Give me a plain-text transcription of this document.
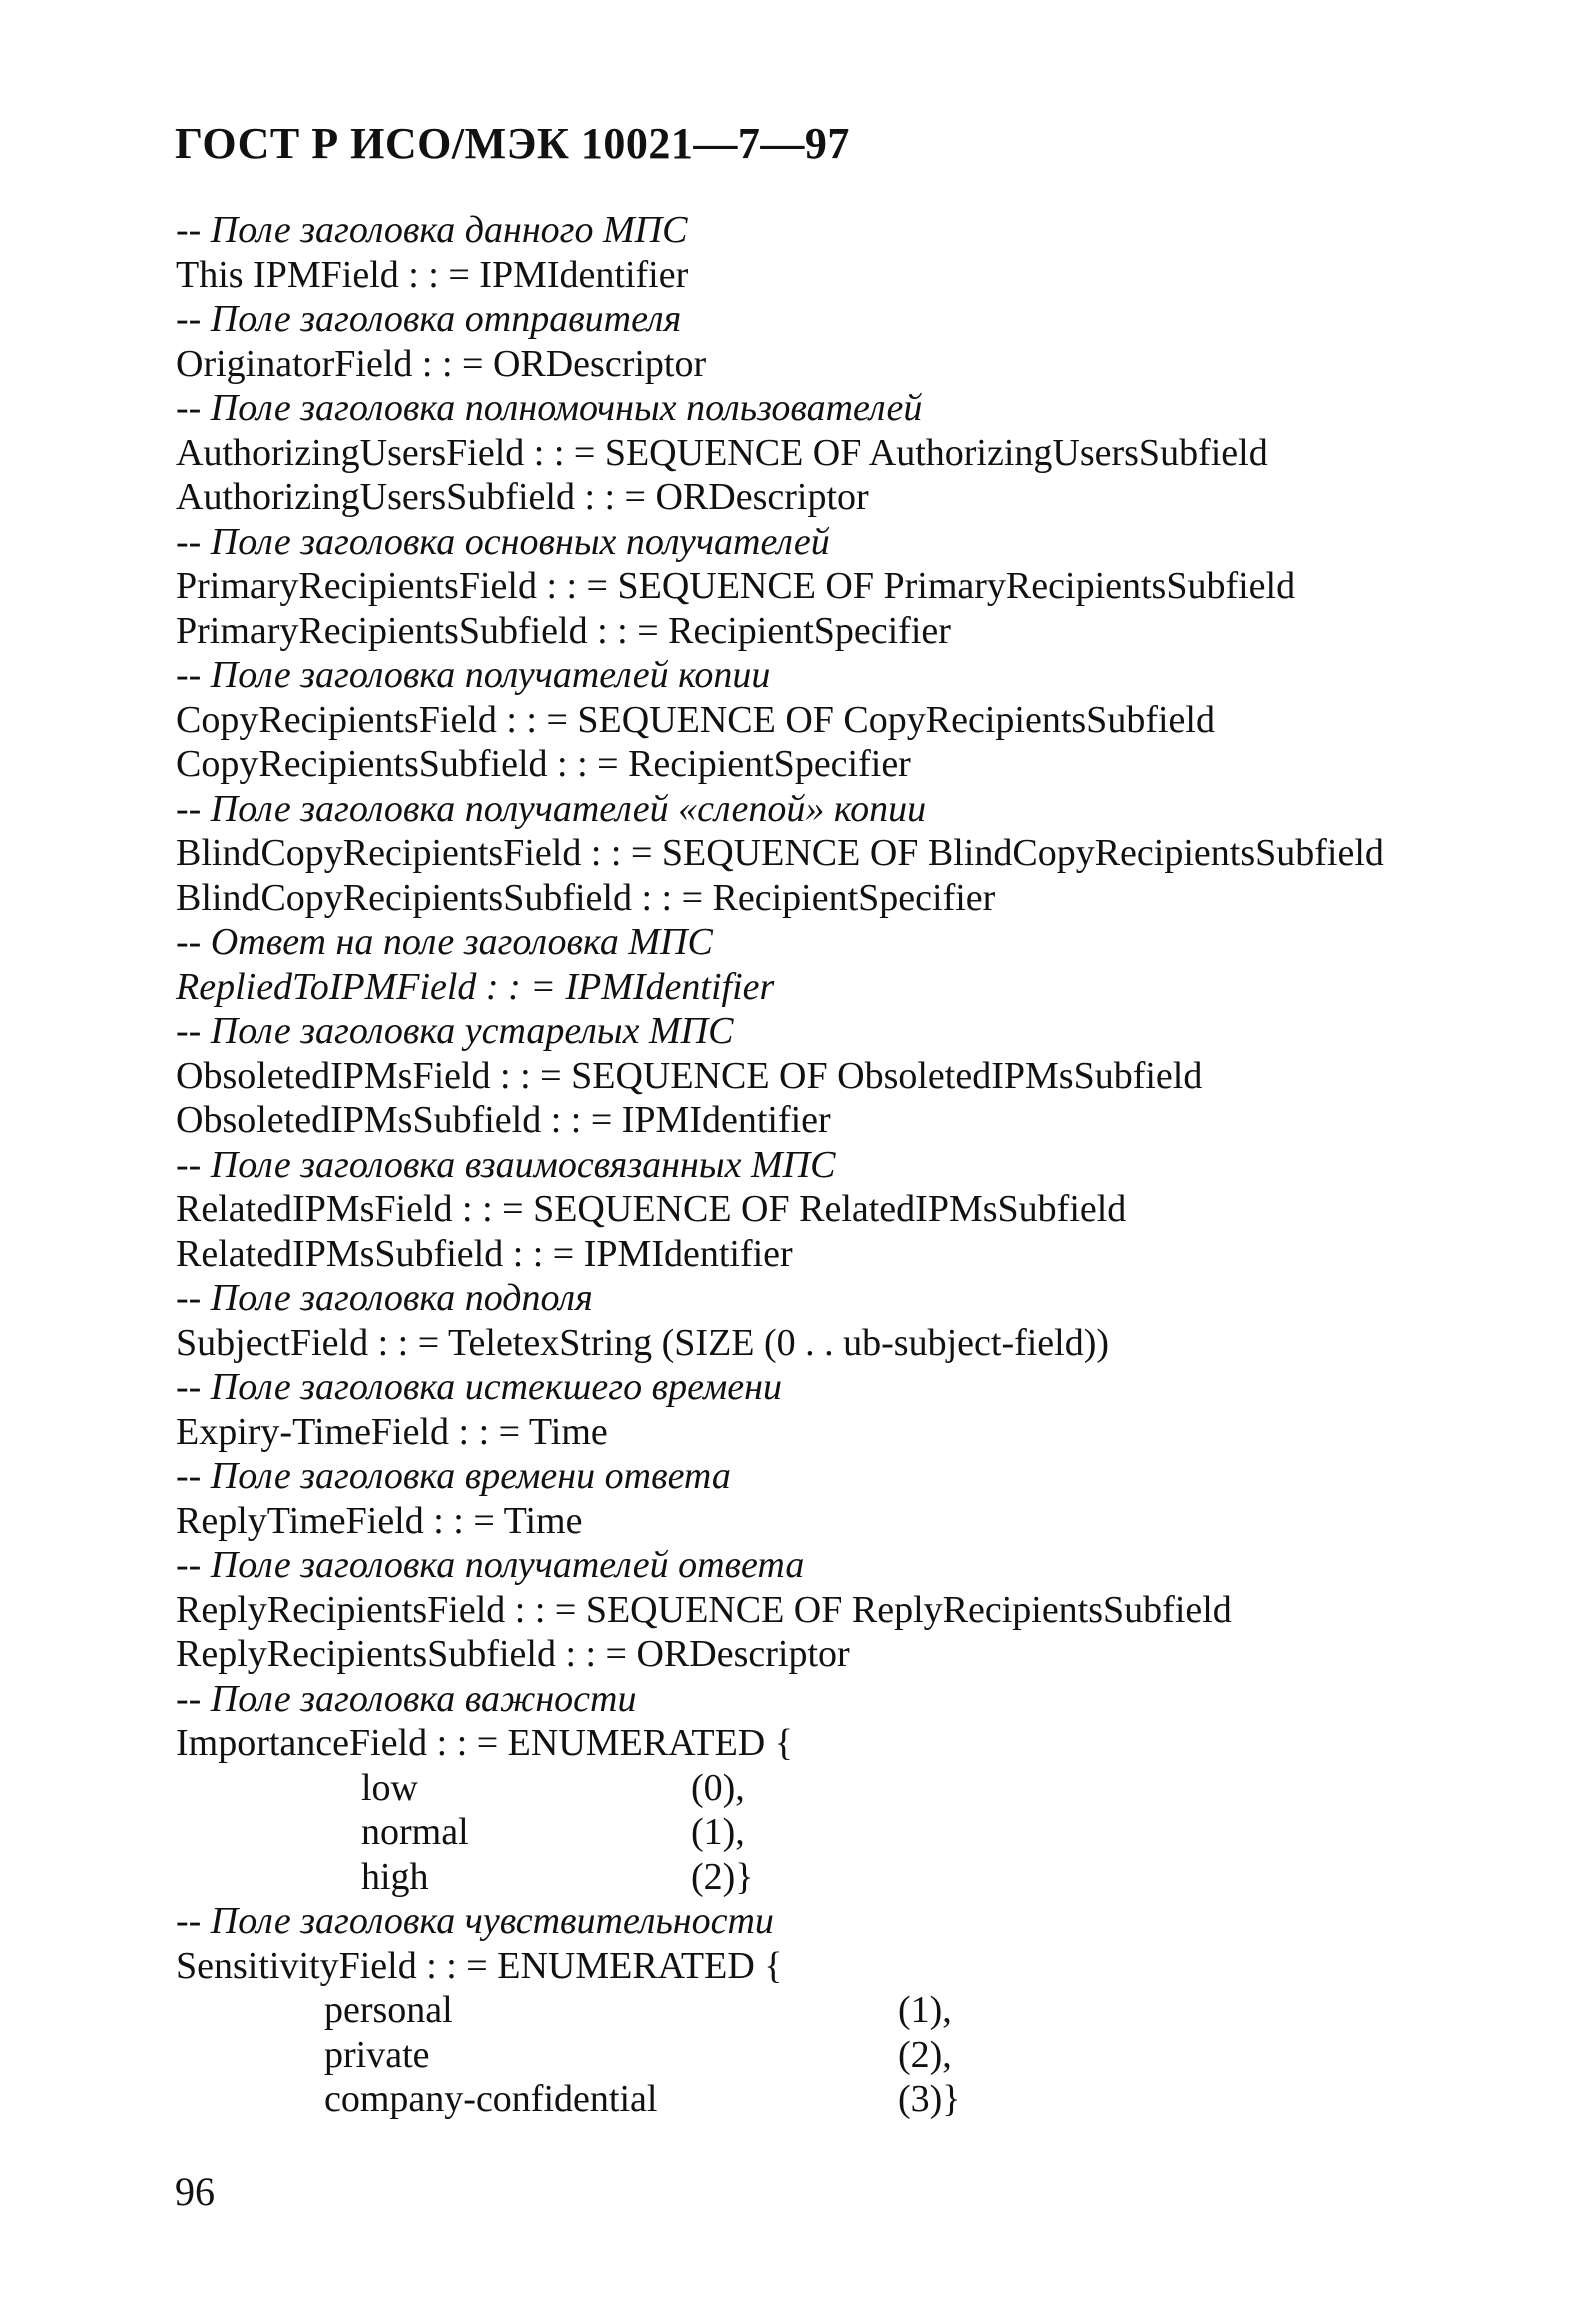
ГОСТ Р ИСО/МЭК 10021—7—97
-- Поле заголовка данного МПС
This IPMField : : = IPMIdentifier
-- Поле заголовка отправителя
OriginatorField : : = ORDescriptor
-- Поле заголовка полномочных пользователей
AuthorizingUsersField : : = SEQUENCE OF AuthorizingUsersSubfield
AuthorizingUsersSubfield : : = ORDescriptor
-- Поле заголовка основных получателей
PrimaryRecipientsField : : = SEQUENCE OF PrimaryRecipientsSubfield
PrimaryRecipientsSubfield : : = RecipientSpecifier
-- Поле заголовка получателей копии
CopyRecipientsField : : = SEQUENCE OF CopyRecipientsSubfield
CopyRecipientsSubfield : : = RecipientSpecifier
-- Поле заголовка получателей «слепой» копии
BlindCopyRecipientsField : : = SEQUENCE OF BlindCopyRecipientsSubfield
BlindCopyRecipientsSubfield : : = RecipientSpecifier
-- Ответ на поле заголовка МПС
RepliedToIPMField : : = IPMIdentifier
-- Поле заголовка устарелых МПС
ObsoletedIPMsField : : = SEQUENCE OF ObsoletedIPMsSubfield
ObsoletedIPMsSubfield : : = IPMIdentifier
-- Поле заголовка взаимосвязанных МПС
RelatedIPMsField : : = SEQUENCE OF RelatedIPMsSubfield
RelatedIPMsSubfield : : = IPMIdentifier
-- Поле заголовка подполя
SubjectField : : = TeletexString (SIZE (0 . . ub-subject-field))
-- Поле заголовка истекшего времени
Expiry-TimeField : : = Time
-- Поле заголовка времени ответа
ReplyTimeField : : = Time
-- Поле заголовка получателей ответа
ReplyRecipientsField : : = SEQUENCE OF ReplyRecipientsSubfield
ReplyRecipientsSubfield : : = ORDescriptor
-- Поле заголовка важности
ImportanceField : : = ENUMERATED {
low	(0),
normal	(1),
high	(2)}
-- Поле заголовка чувствительности
SensitivityField : : = ENUMERATED {
personal	(1),
private	(2),
company-confidential	(3)}
96
